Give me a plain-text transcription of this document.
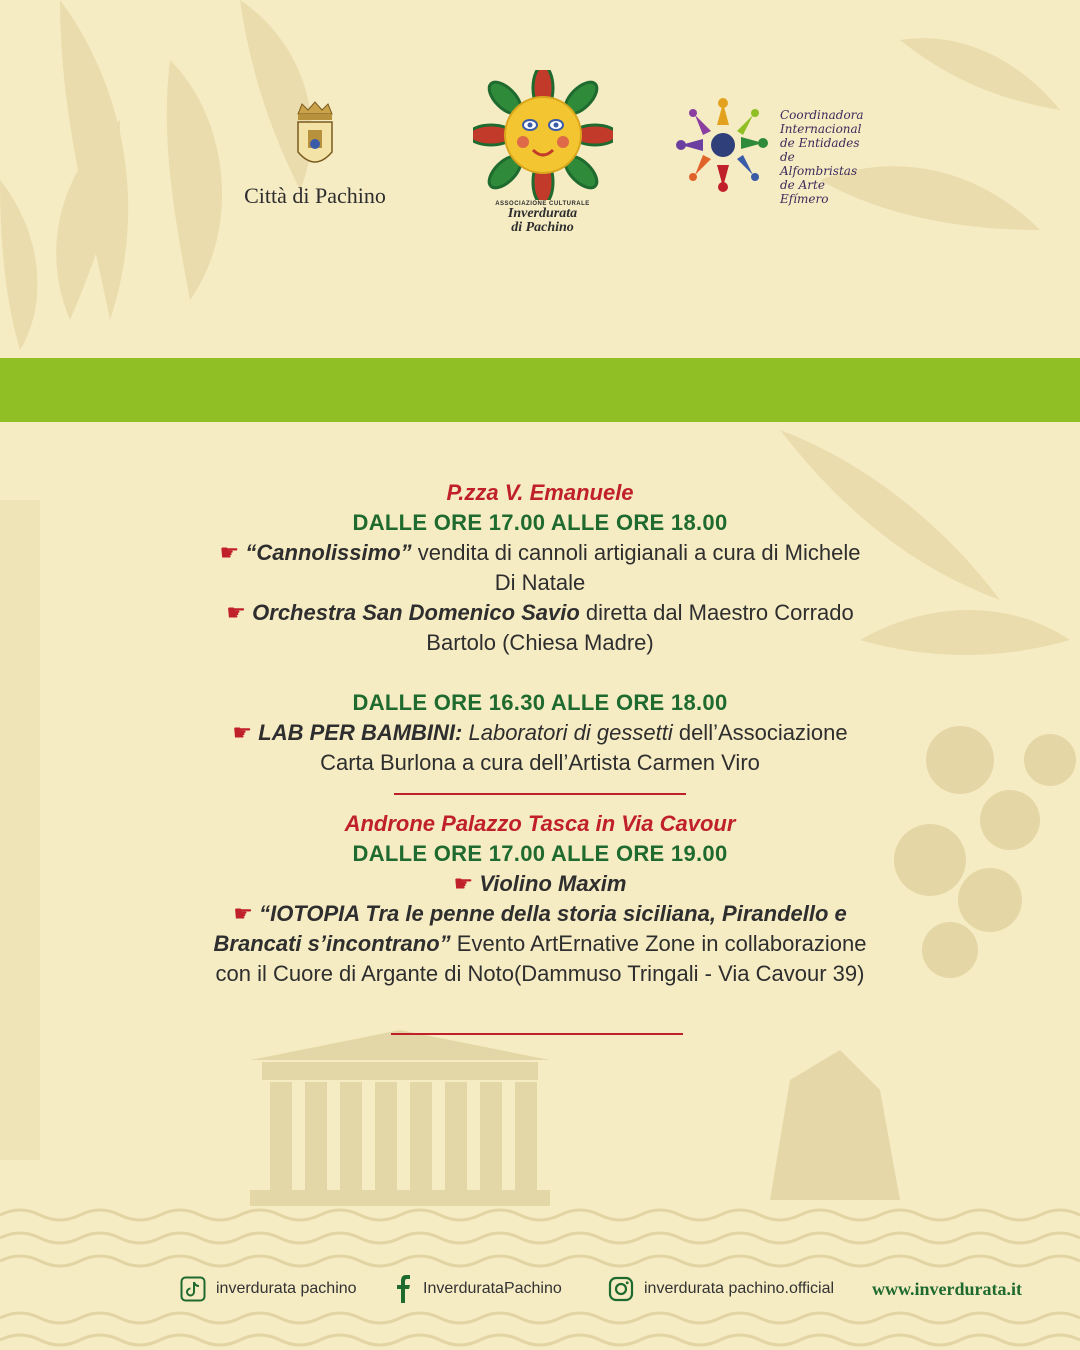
Città di Pachino	ASSOCIAZIONE CULTURALE
Inverdurata
di Pachino
Coordinadora
Internacional
de Entidades de
Alfombristas
de Arte Efímero
P.zza V. Emanuele
DALLE ORE 17.00 ALLE ORE 18.00
☛ “Cannolissimo” vendita di cannoli artigianali a cura di Michele
Di Natale
☛ Orchestra San Domenico Savio diretta dal Maestro Corrado
Bartolo (Chiesa Madre)
DALLE ORE 16.30 ALLE ORE 18.00
☛ LAB PER BAMBINI: Laboratori di gessetti dell’Associazione
Carta Burlona a cura dell’Artista Carmen Viro
Androne Palazzo Tasca in Via Cavour
DALLE ORE 17.00 ALLE ORE 19.00
☛ Violino Maxim
☛ “IOTOPIA Tra le penne della storia siciliana, Pirandello e
Brancati s’incontrano” Evento ArtErnative Zone in collaborazione
con il Cuore di Argante di Noto(Dammuso Tringali - Via Cavour 39)
inverdurata pachino	InverdurataPachino	inverdurata pachino.official www.inverdurata.it
